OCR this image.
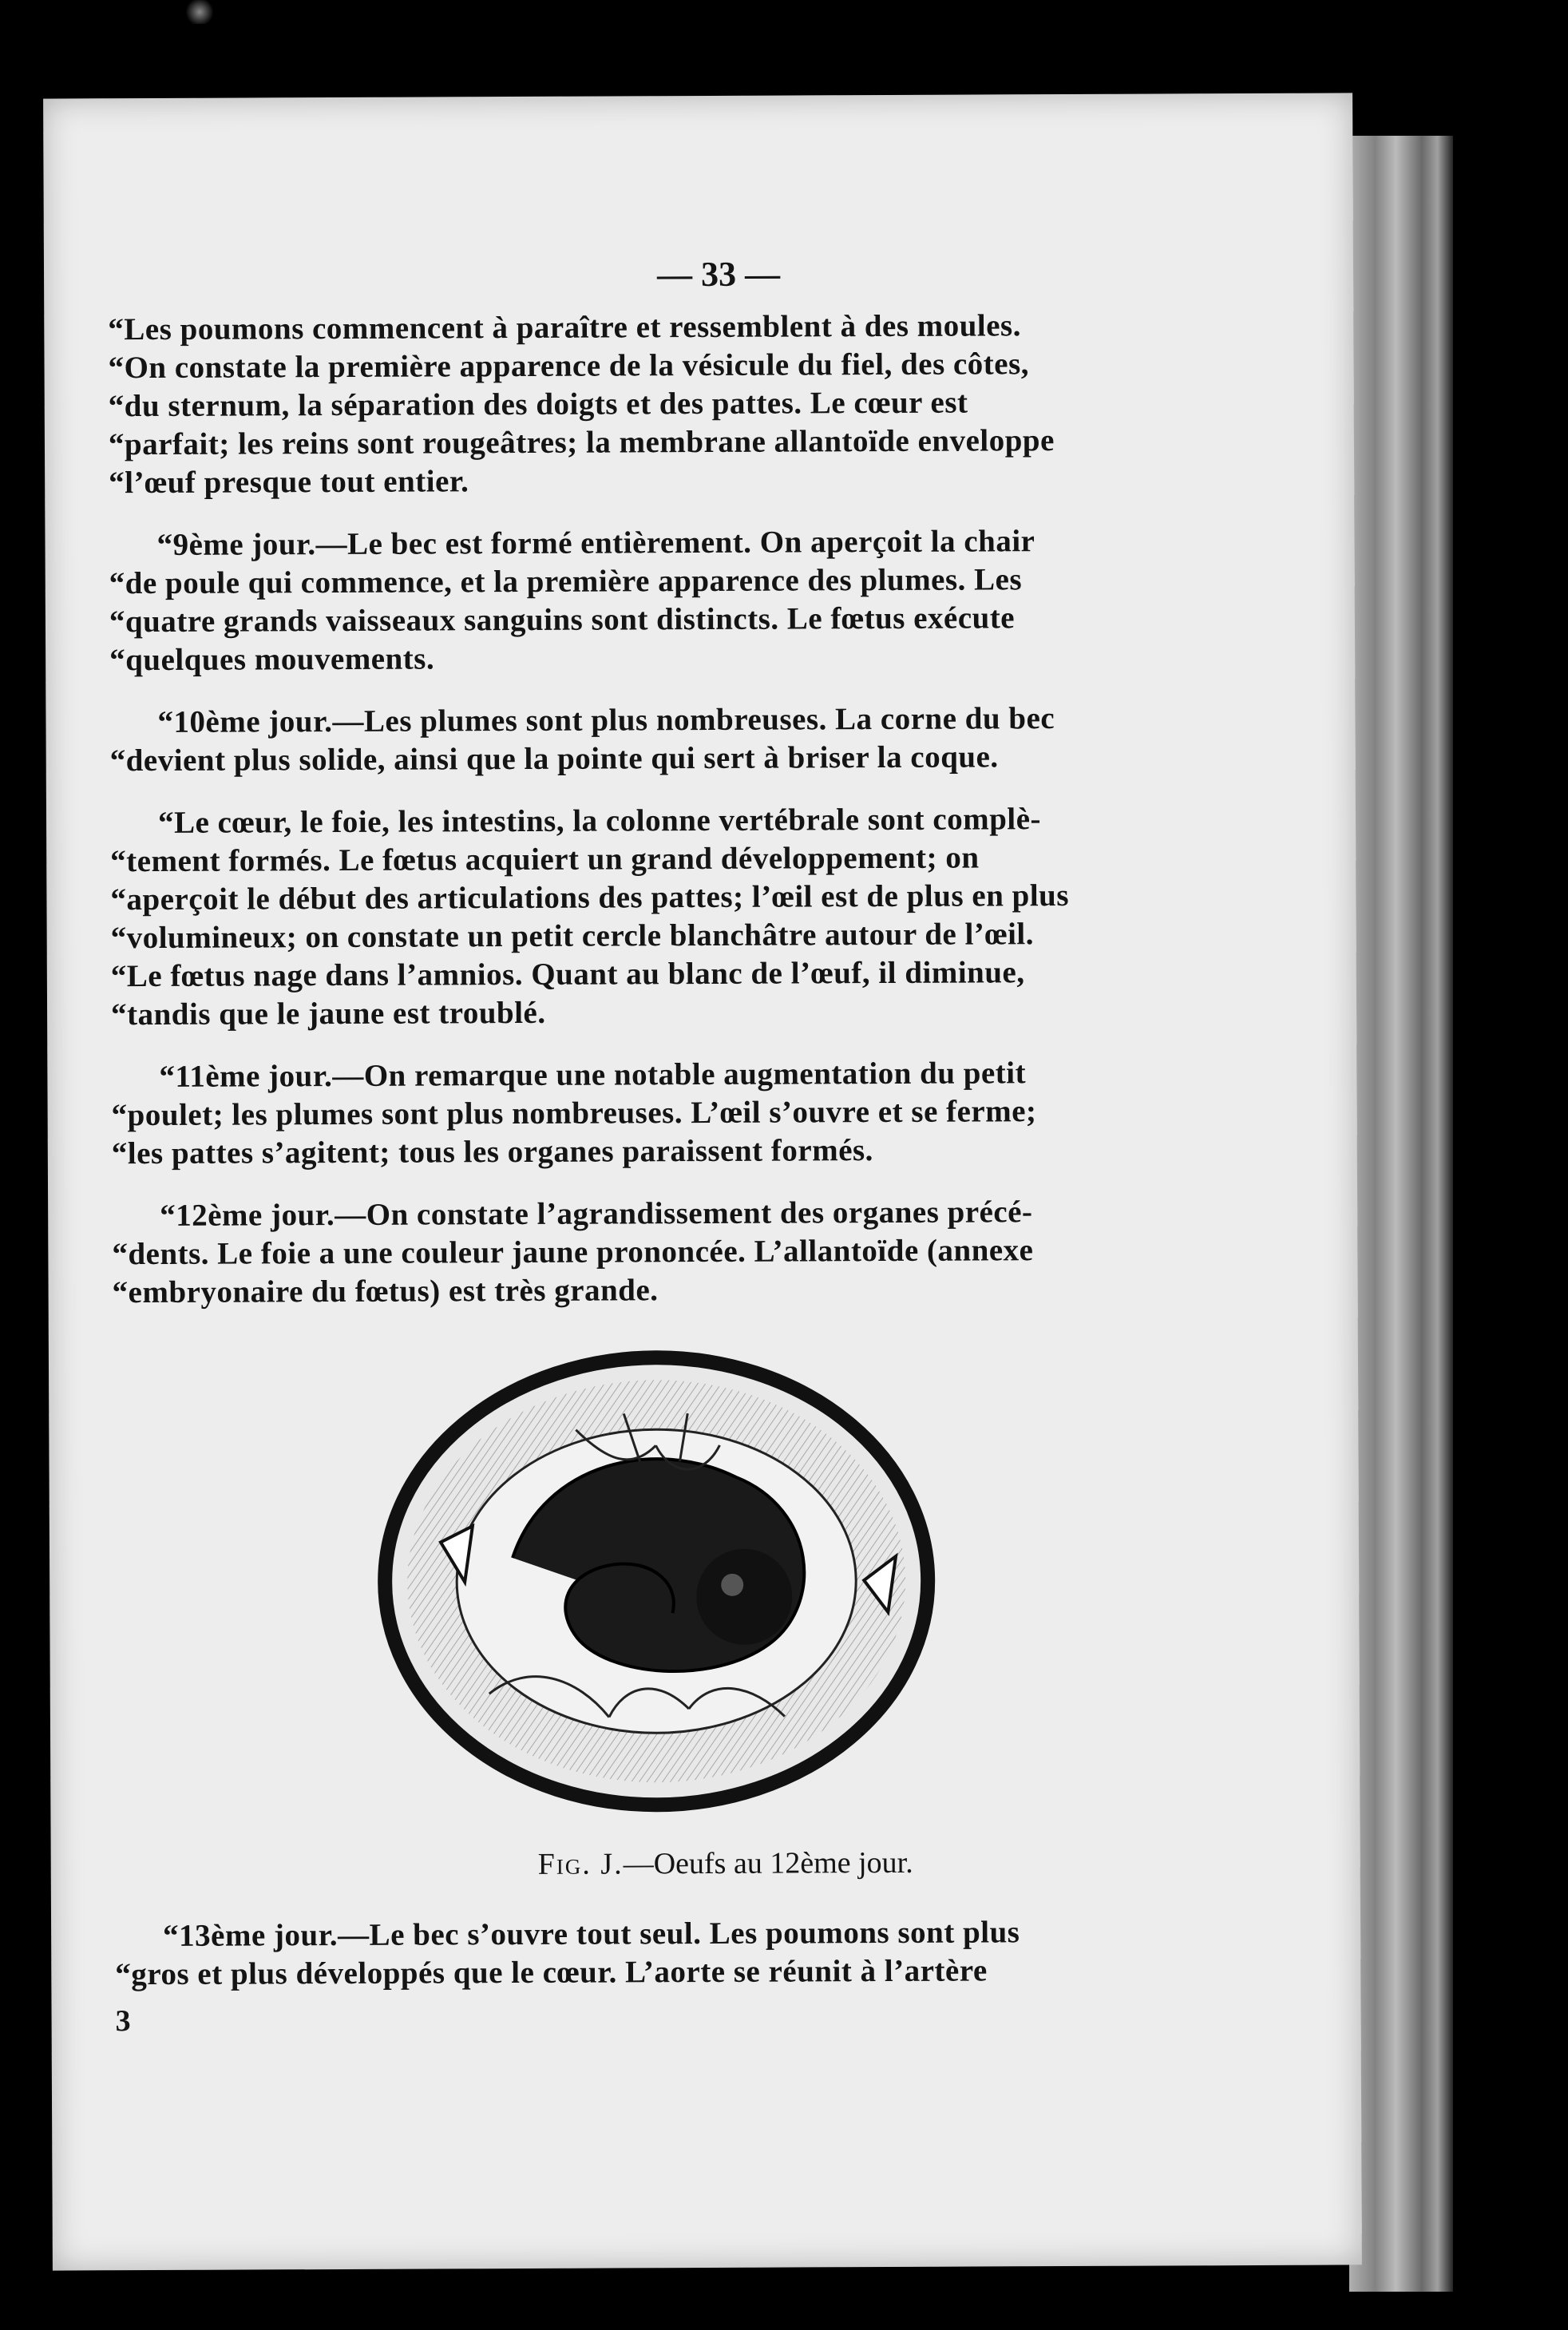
— 33 —

“Les poumons commencent à paraître et ressemblent à des moules.
“On constate la première apparence de la vésicule du fiel, des côtes,
“du sternum, la séparation des doigts et des pattes. Le cœur est
“parfait; les reins sont rougeâtres; la membrane allantoïde enveloppe
“l’œuf presque tout entier.

“9ème jour.—Le bec est formé entièrement. On aperçoit la chair
“de poule qui commence, et la première apparence des plumes. Les
“quatre grands vaisseaux sanguins sont distincts. Le fœtus exécute
“quelques mouvements.

“10ème jour.—Les plumes sont plus nombreuses. La corne du bec
“devient plus solide, ainsi que la pointe qui sert à briser la coque.

“Le cœur, le foie, les intestins, la colonne vertébrale sont complè-
“tement formés. Le fœtus acquiert un grand développement; on
“aperçoit le début des articulations des pattes; l’œil est de plus en plus
“volumineux; on constate un petit cercle blanchâtre autour de l’œil.
“Le fœtus nage dans l’amnios. Quant au blanc de l’œuf, il diminue,
“tandis que le jaune est troublé.

“11ème jour.—On remarque une notable augmentation du petit
“poulet; les plumes sont plus nombreuses. L’œil s’ouvre et se ferme;
“les pattes s’agitent; tous les organes paraissent formés.

“12ème jour.—On constate l’agrandissement des organes précé-
“dents. Le foie a une couleur jaune prononcée. L’allantoïde (annexe
“embryonaire du fœtus) est très grande.

Fig. J.—Oeufs au 12ème jour.

“13ème jour.—Le bec s’ouvre tout seul. Les poumons sont plus
“gros et plus développés que le cœur. L’aorte se réunit à l’artère

3
